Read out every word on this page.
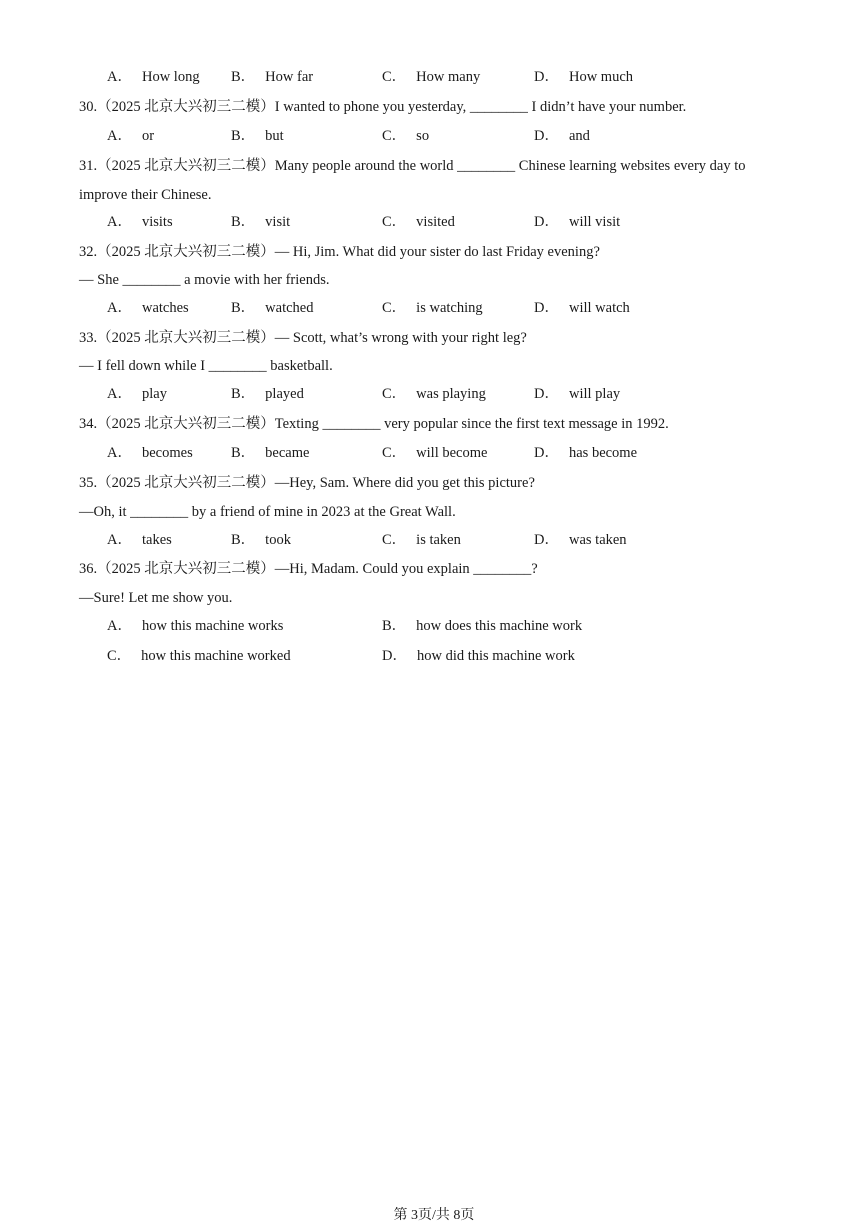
A． How long B． How far	C． How many	D． How much
30.（2025 北京大兴初三二模）I wanted to phone you yesterday, ________ I didn’t have your number.
A． or	B． but	C． so	D． and
31.（2025 北京大兴初三二模）Many people around the world ________ Chinese learning websites every day to
improve their Chinese.
A． visits	B． visit	C． visited	D． will visit
32.（2025 北京大兴初三二模）— Hi, Jim. What did your sister do last Friday evening?
— She ________ a movie with her friends.
A． watches	B． watched	C． is watching	D． will watch
33.（2025 北京大兴初三二模）— Scott, what’s wrong with your right leg?
— I fell down while I ________ basketball.
A． play	B． played	C． was playing	D． will play
34.（2025 北京大兴初三二模）Texting ________ very popular since the first text message in 1992.
A． becomes	B． became	C． will become	D． has become
35.（2025 北京大兴初三二模）—Hey, Sam. Where did you get this picture?
—Oh, it ________ by a friend of mine in 2023 at the Great Wall.
A． takes	B． took	C． is taken	D． was taken
36.（2025 北京大兴初三二模）—Hi, Madam. Could you explain ________?
—Sure! Let me show you.
A． how this machine works	B． how does this machine work
C． how this machine worked	D． how did this machine work
第 3页/共 8页
